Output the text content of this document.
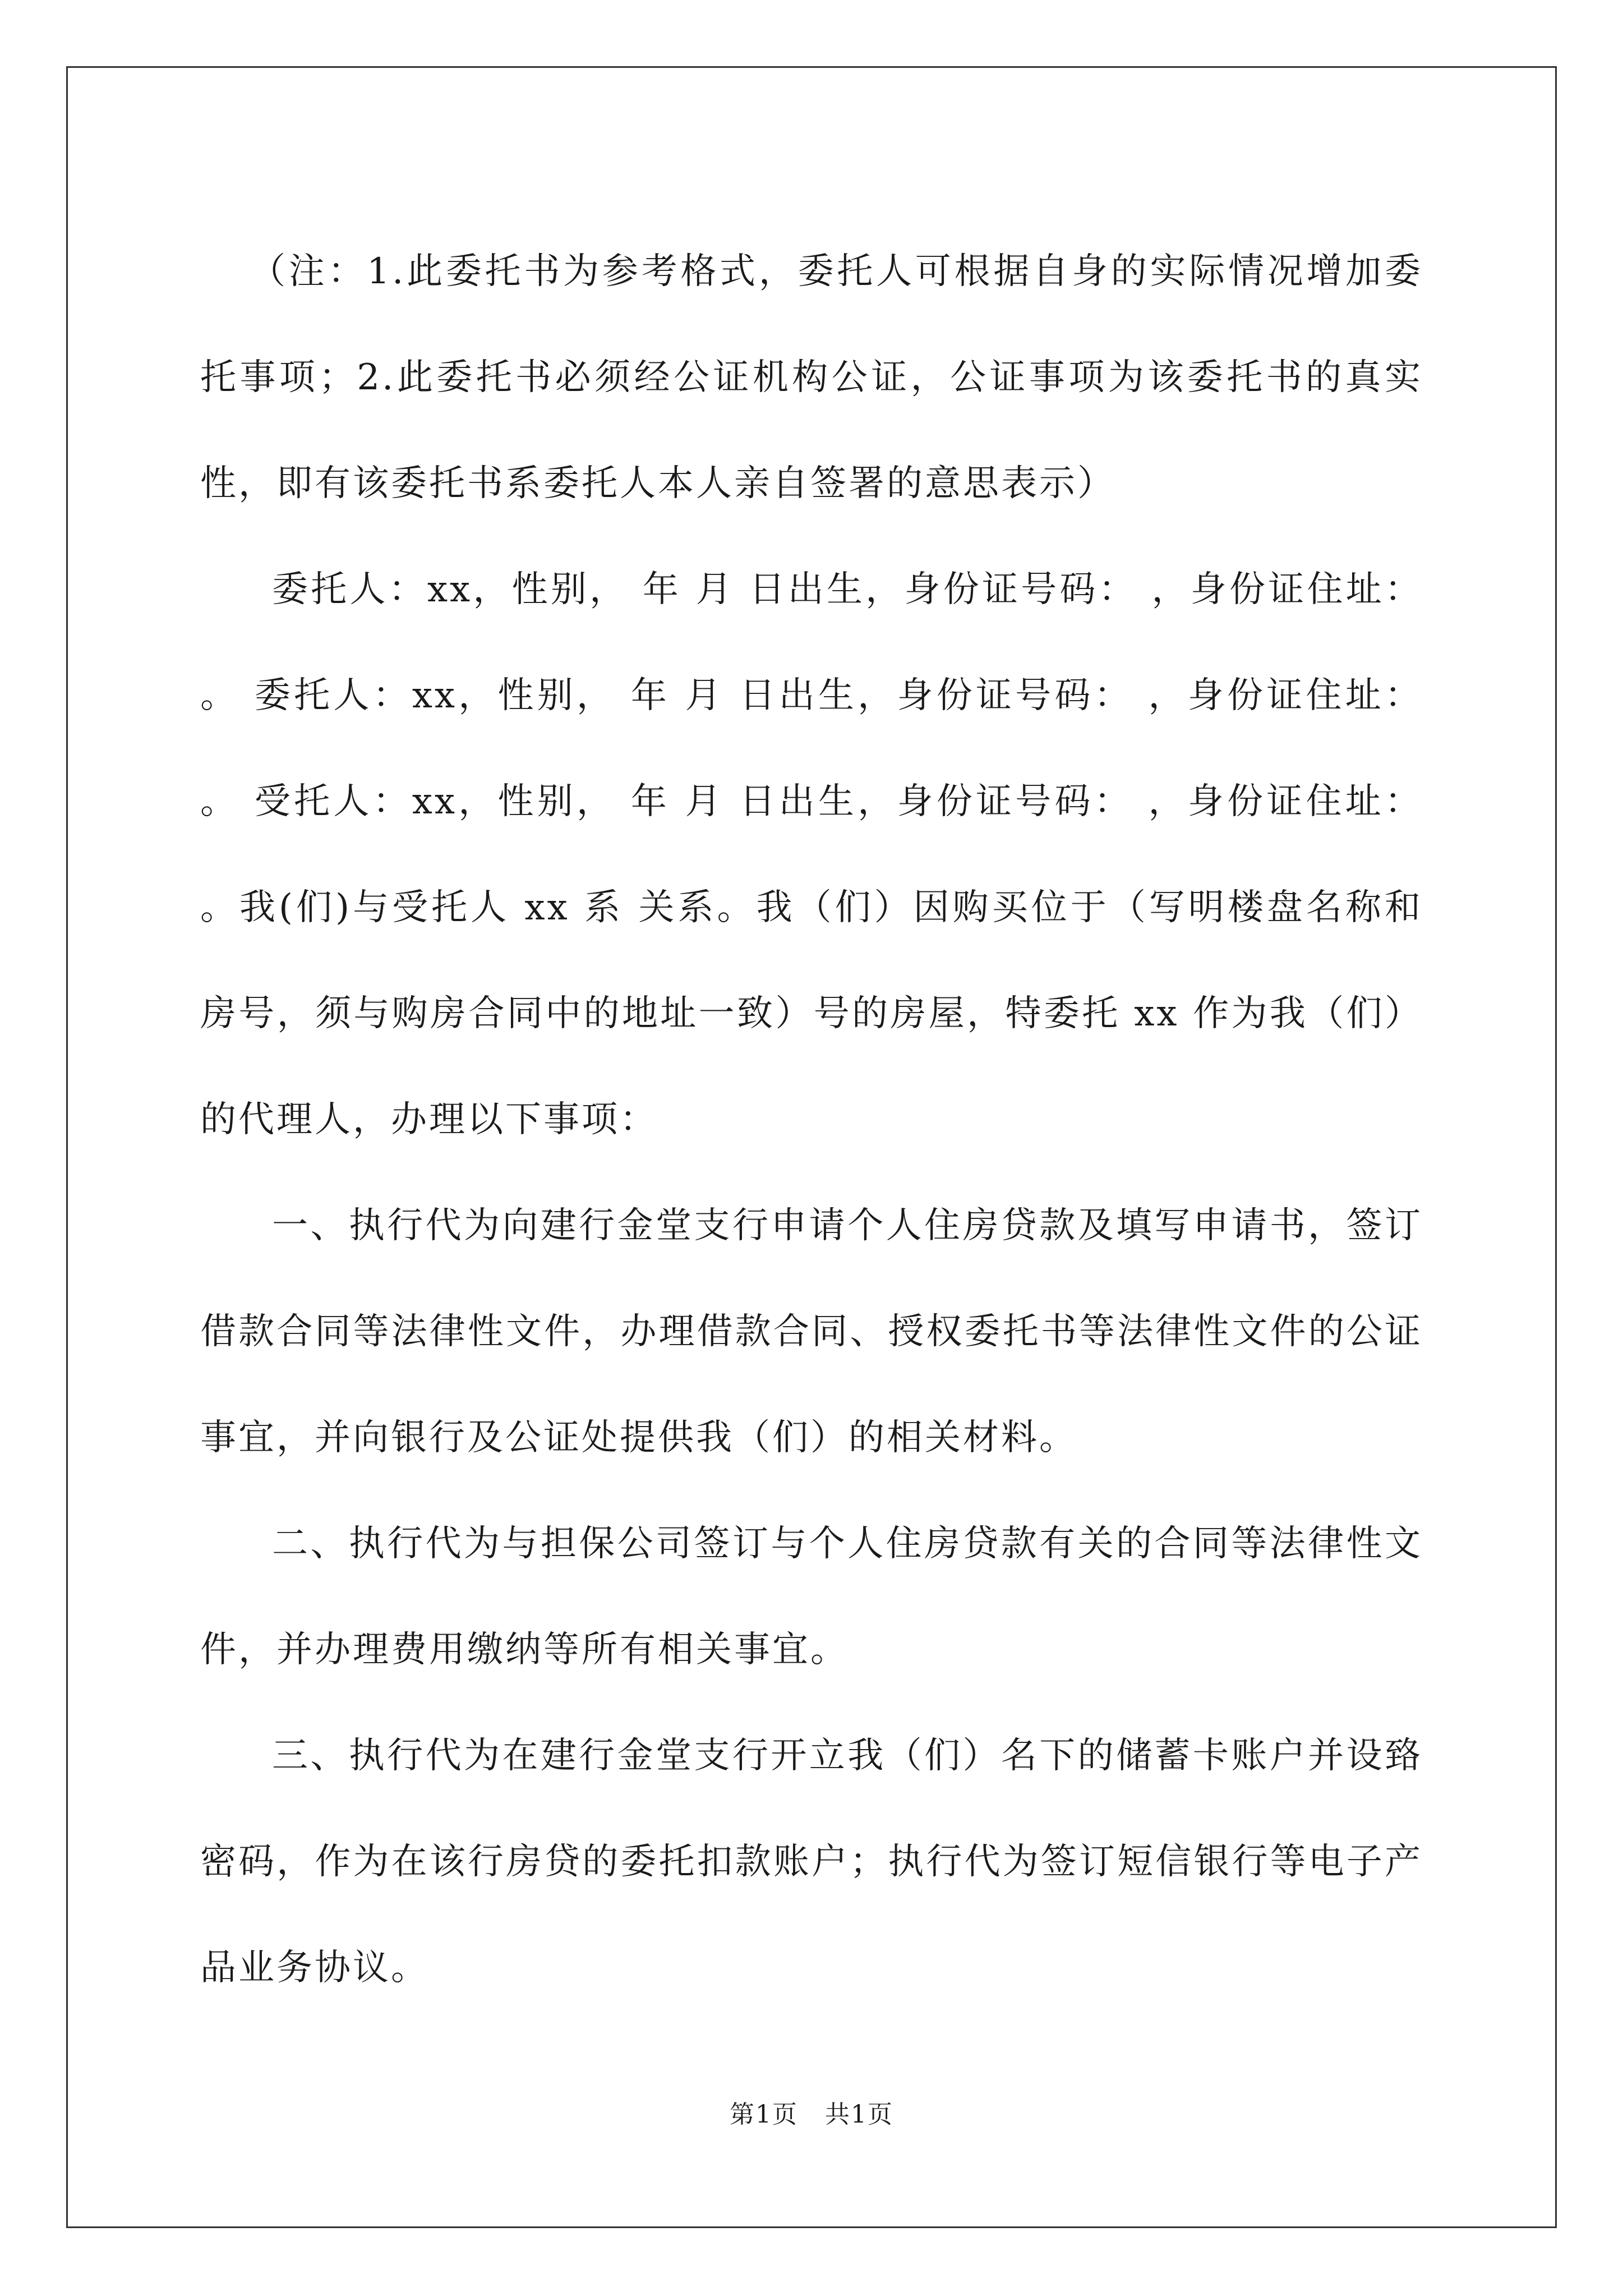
（注：1.此委托书为参考格式，委托人可根据自身的实际情况增加委托事项；2.此委托书必须经公证机构公证，公证事项为该委托书的真实性，即有该委托书系委托人本人亲自签署的意思表示）

委托人：xx，性别， 年 月 日出生，身份证号码： ，身份证住址： 。 委托人：xx，性别， 年 月 日出生，身份证号码： ，身份证住址： 。 受托人：xx，性别， 年 月 日出生，身份证号码： ，身份证住址： 。我(们)与受托人 xx 系 关系。我（们）因购买位于（写明楼盘名称和房号，须与购房合同中的地址一致）号的房屋，特委托 xx 作为我（们）的代理人，办理以下事项：

一、执行代为向建行金堂支行申请个人住房贷款及填写申请书，签订借款合同等法律性文件，办理借款合同、授权委托书等法律性文件的公证事宜，并向银行及公证处提供我（们）的相关材料。

二、执行代为与担保公司签订与个人住房贷款有关的合同等法律性文件，并办理费用缴纳等所有相关事宜。

三、执行代为在建行金堂支行开立我（们）名下的储蓄卡账户并设臵密码，作为在该行房贷的委托扣款账户；执行代为签订短信银行等电子产品业务协议。

第1页 共1页
